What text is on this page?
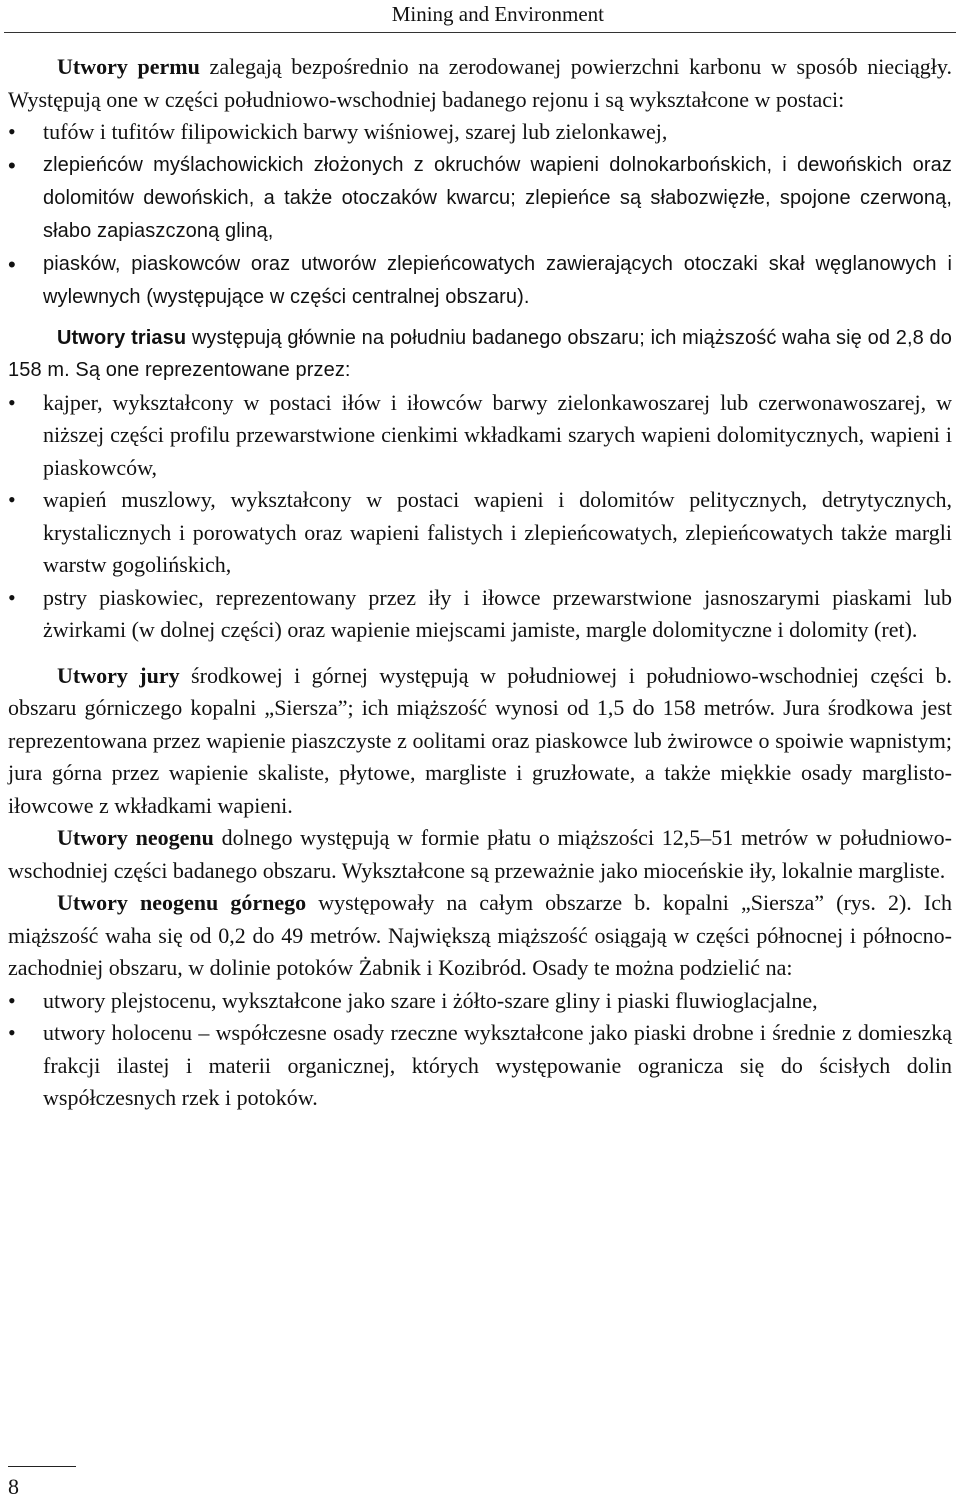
Mining and Environment

Utwory permu zalegają bezpośrednio na zerodowanej powierzchni karbonu w sposób nieciągły. Występują one w części południowo-wschodniej badanego rejonu i są wykształcone w postaci:

• tufów i tufitów filipowickich barwy wiśniowej, szarej lub zielonkawej,
• zlepieńców myślachowickich złożonych z okruchów wapieni dolnokarbońskich, i dewońskich oraz dolomitów dewońskich, a także otoczaków kwarcu; zlepieńce są słabozwięzłe, spojone czerwoną, słabo zapiaszczoną gliną,
• piasków, piaskowców oraz utworów zlepieńcowatych zawierających otoczaki skał węglanowych i wylewnych (występujące w części centralnej obszaru).

Utwory triasu występują głównie na południu badanego obszaru; ich miąższość waha się od 2,8 do 158 m. Są one reprezentowane przez:

• kajper, wykształcony w postaci iłów i iłowców barwy zielonkawoszarej lub czerwonawoszarej, w niższej części profilu przewarstwione cienkimi wkładkami szarych wapieni dolomitycznych, wapieni i piaskowców,
• wapień muszlowy, wykształcony w postaci wapieni i dolomitów pelitycznych, detrytycznych, krystalicznych i porowatych oraz wapieni falistych i zlepieńcowatych, zlepieńcowatych także margli warstw gogolińskich,
• pstry piaskowiec, reprezentowany przez iły i iłowce przewarstwione jasnoszarymi piaskami lub żwirkami (w dolnej części) oraz wapienie miejscami jamiste, margle dolomityczne i dolomity (ret).

Utwory jury środkowej i górnej występują w południowej i południowo-wschodniej części b. obszaru górniczego kopalni „Siersza”; ich miąższość wynosi od 1,5 do 158 metrów. Jura środkowa jest reprezentowana przez wapienie piaszczyste z oolitami oraz piaskowce lub żwirowce o spoiwie wapnistym; jura górna przez wapienie skaliste, płytowe, margliste i gruzłowate, a także miękkie osady marglisto-iłowcowe z wkładkami wapieni.

Utwory neogenu dolnego występują w formie płatu o miąższości 12,5–51 metrów w południowo-wschodniej części badanego obszaru. Wykształcone są przeważnie jako mioceńskie iły, lokalnie margliste.

Utwory neogenu górnego występowały na całym obszarze b. kopalni „Siersza” (rys. 2). Ich miąższość waha się od 0,2 do 49 metrów. Największą miąższość osiągają w części północnej i północno-zachodniej obszaru, w dolinie potoków Żabnik i Kozibród. Osady te można podzielić na:

• utwory plejstocenu, wykształcone jako szare i żółto-szare gliny i piaski fluwioglacjalne,
• utwory holocenu – współczesne osady rzeczne wykształcone jako piaski drobne i średnie z domieszką frakcji ilastej i materii organicznej, których występowanie ogranicza się do ścisłych dolin współczesnych rzek i potoków.
8
